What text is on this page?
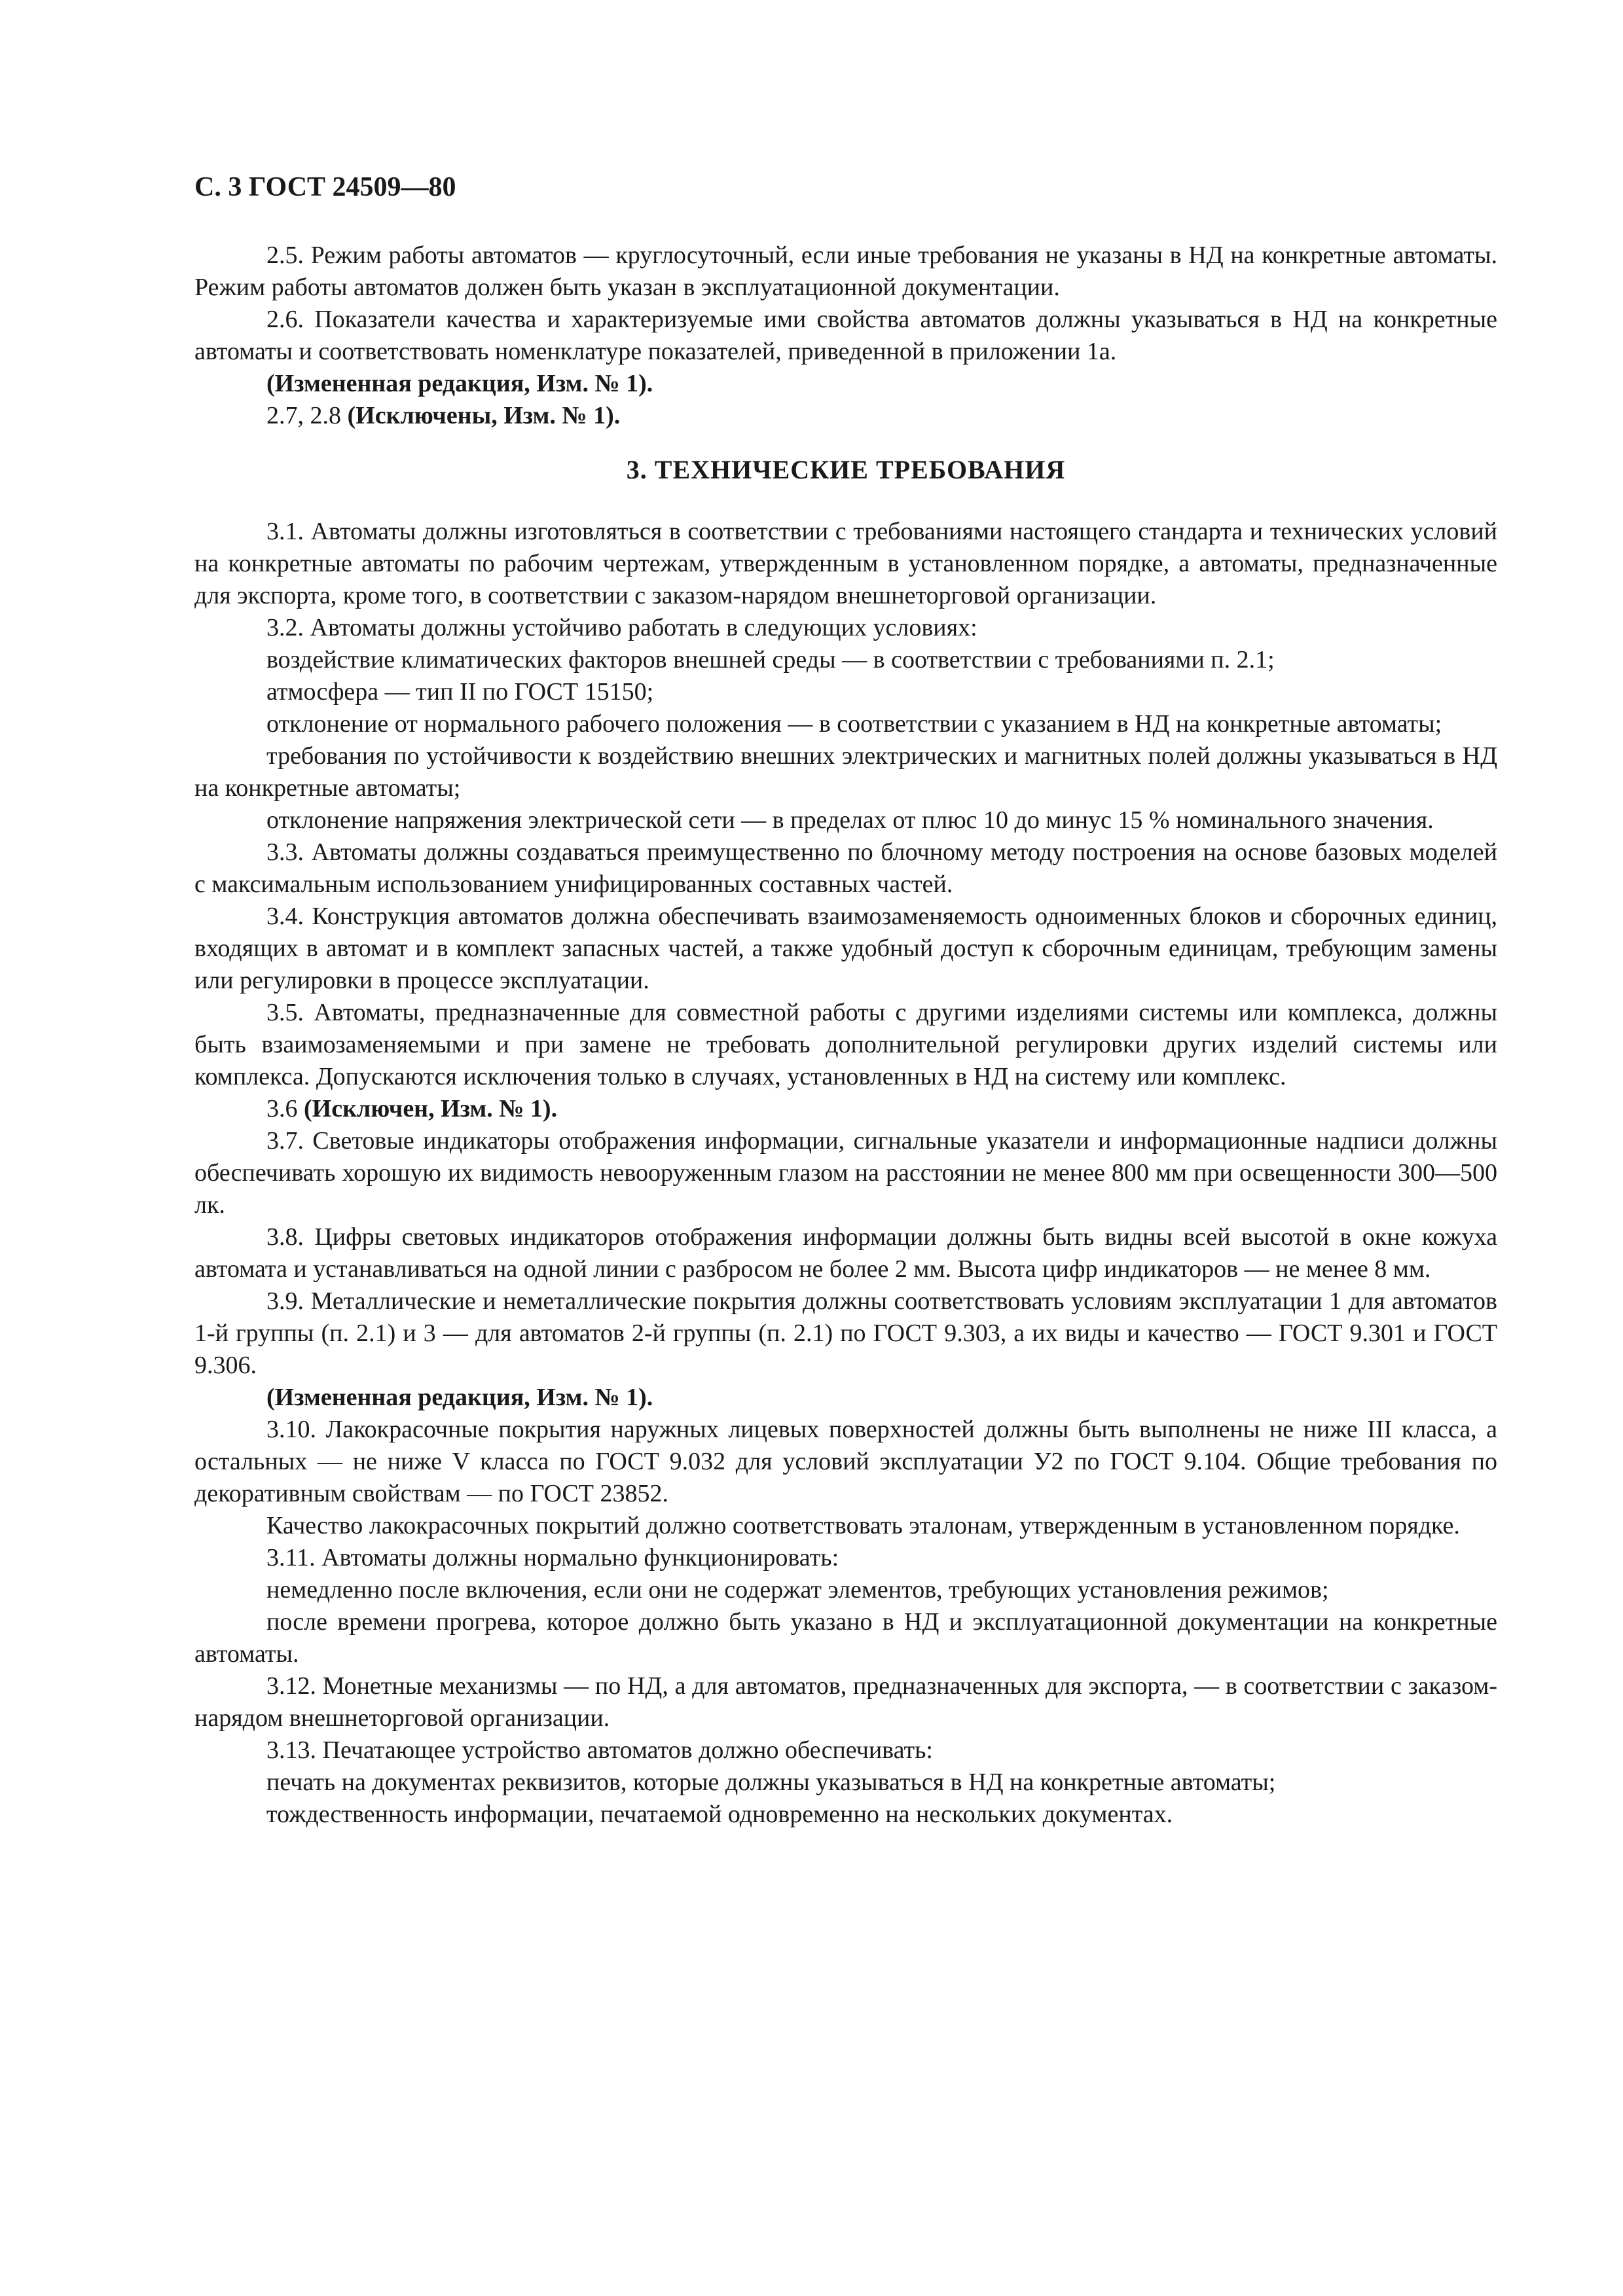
С. 3 ГОСТ 24509—80

2.5. Режим работы автоматов — круглосуточный, если иные требования не указаны в НД на конкретные автоматы. Режим работы автоматов должен быть указан в эксплуатационной документации.

2.6. Показатели качества и характеризуемые ими свойства автоматов должны указываться в НД на конкретные автоматы и соответствовать номенклатуре показателей, приведенной в приложении 1а.

(Измененная редакция, Изм. № 1).

2.7, 2.8 (Исключены, Изм. № 1).

3. ТЕХНИЧЕСКИЕ ТРЕБОВАНИЯ

3.1. Автоматы должны изготовляться в соответствии с требованиями настоящего стандарта и технических условий на конкретные автоматы по рабочим чертежам, утвержденным в установленном порядке, а автоматы, предназначенные для экспорта, кроме того, в соответствии с заказом-нарядом внешнеторговой организации.

3.2. Автоматы должны устойчиво работать в следующих условиях:

воздействие климатических факторов внешней среды — в соответствии с требованиями п. 2.1;

атмосфера — тип II по ГОСТ 15150;

отклонение от нормального рабочего положения — в соответствии с указанием в НД на конкретные автоматы;

требования по устойчивости к воздействию внешних электрических и магнитных полей должны указываться в НД на конкретные автоматы;

отклонение напряжения электрической сети — в пределах от плюс 10 до минус 15 % номинального значения.

3.3. Автоматы должны создаваться преимущественно по блочному методу построения на основе базовых моделей с максимальным использованием унифицированных составных частей.

3.4. Конструкция автоматов должна обеспечивать взаимозаменяемость одноименных блоков и сборочных единиц, входящих в автомат и в комплект запасных частей, а также удобный доступ к сборочным единицам, требующим замены или регулировки в процессе эксплуатации.

3.5. Автоматы, предназначенные для совместной работы с другими изделиями системы или комплекса, должны быть взаимозаменяемыми и при замене не требовать дополнительной регулировки других изделий системы или комплекса. Допускаются исключения только в случаях, установленных в НД на систему или комплекс.

3.6 (Исключен, Изм. № 1).

3.7. Световые индикаторы отображения информации, сигнальные указатели и информационные надписи должны обеспечивать хорошую их видимость невооруженным глазом на расстоянии не менее 800 мм при освещенности 300—500 лк.

3.8. Цифры световых индикаторов отображения информации должны быть видны всей высотой в окне кожуха автомата и устанавливаться на одной линии с разбросом не более 2 мм. Высота цифр индикаторов — не менее 8 мм.

3.9. Металлические и неметаллические покрытия должны соответствовать условиям эксплуатации 1 для автоматов 1-й группы (п. 2.1) и 3 — для автоматов 2-й группы (п. 2.1) по ГОСТ 9.303, а их виды и качество — ГОСТ 9.301 и ГОСТ 9.306.

(Измененная редакция, Изм. № 1).

3.10. Лакокрасочные покрытия наружных лицевых поверхностей должны быть выполнены не ниже III класса, а остальных — не ниже V класса по ГОСТ 9.032 для условий эксплуатации У2 по ГОСТ 9.104. Общие требования по декоративным свойствам — по ГОСТ 23852.

Качество лакокрасочных покрытий должно соответствовать эталонам, утвержденным в установленном порядке.

3.11. Автоматы должны нормально функционировать:

немедленно после включения, если они не содержат элементов, требующих установления режимов;

после времени прогрева, которое должно быть указано в НД и эксплуатационной документации на конкретные автоматы.

3.12. Монетные механизмы — по НД, а для автоматов, предназначенных для экспорта, — в соответствии с заказом-нарядом внешнеторговой организации.

3.13. Печатающее устройство автоматов должно обеспечивать:

печать на документах реквизитов, которые должны указываться в НД на конкретные автоматы;

тождественность информации, печатаемой одновременно на нескольких документах.
